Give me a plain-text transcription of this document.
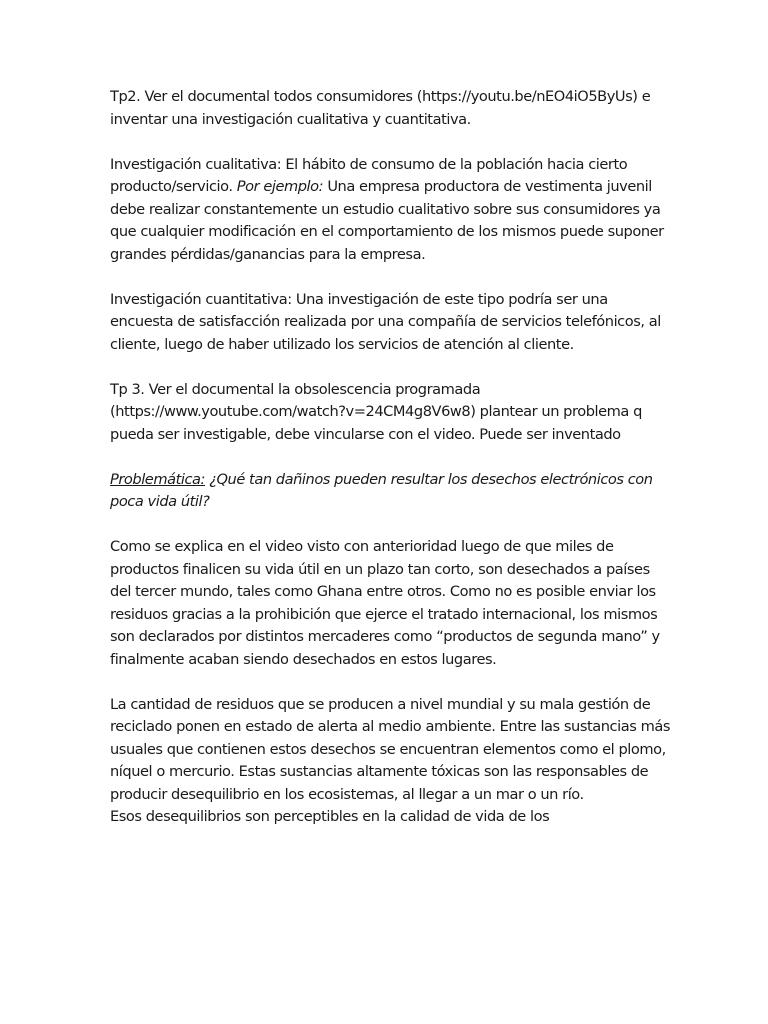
Tp2. Ver el documental todos consumidores (https://youtu.be/nEO4iO5ByUs) e inventar una investigación cualitativa y cuantitativa.

Investigación cualitativa: El hábito de consumo de la población hacia cierto producto/servicio. Por ejemplo: Una empresa productora de vestimenta juvenil debe realizar constantemente un estudio cualitativo sobre sus consumidores ya que cualquier modificación en el comportamiento de los mismos puede suponer grandes pérdidas/ganancias para la empresa.

Investigación cuantitativa: Una investigación de este tipo podría ser una encuesta de satisfacción realizada por una compañía de servicios telefónicos, al cliente, luego de haber utilizado los servicios de atención al cliente.

Tp 3. Ver el documental la obsolescencia programada (https://www.youtube.com/watch?v=24CM4g8V6w8) plantear un problema q pueda ser investigable, debe vincularse con el video. Puede ser inventado

Problemática: ¿Qué tan dañinos pueden resultar los desechos electrónicos con poca vida útil?

Como se explica en el video visto con anterioridad luego de que miles de productos finalicen su vida útil en un plazo tan corto, son desechados a países del tercer mundo, tales como Ghana entre otros. Como no es posible enviar los residuos gracias a la prohibición que ejerce el tratado internacional, los mismos son declarados por distintos mercaderes como “productos de segunda mano” y finalmente acaban siendo desechados en estos lugares.

La cantidad de residuos que se producen a nivel mundial y su mala gestión de reciclado ponen en estado de alerta al medio ambiente. Entre las sustancias más usuales que contienen estos desechos se encuentran elementos como el plomo, níquel o mercurio. Estas sustancias altamente tóxicas son las responsables de producir desequilibrio en los ecosistemas, al llegar a un mar o un río.

Esos desequilibrios son perceptibles en la calidad de vida de los
